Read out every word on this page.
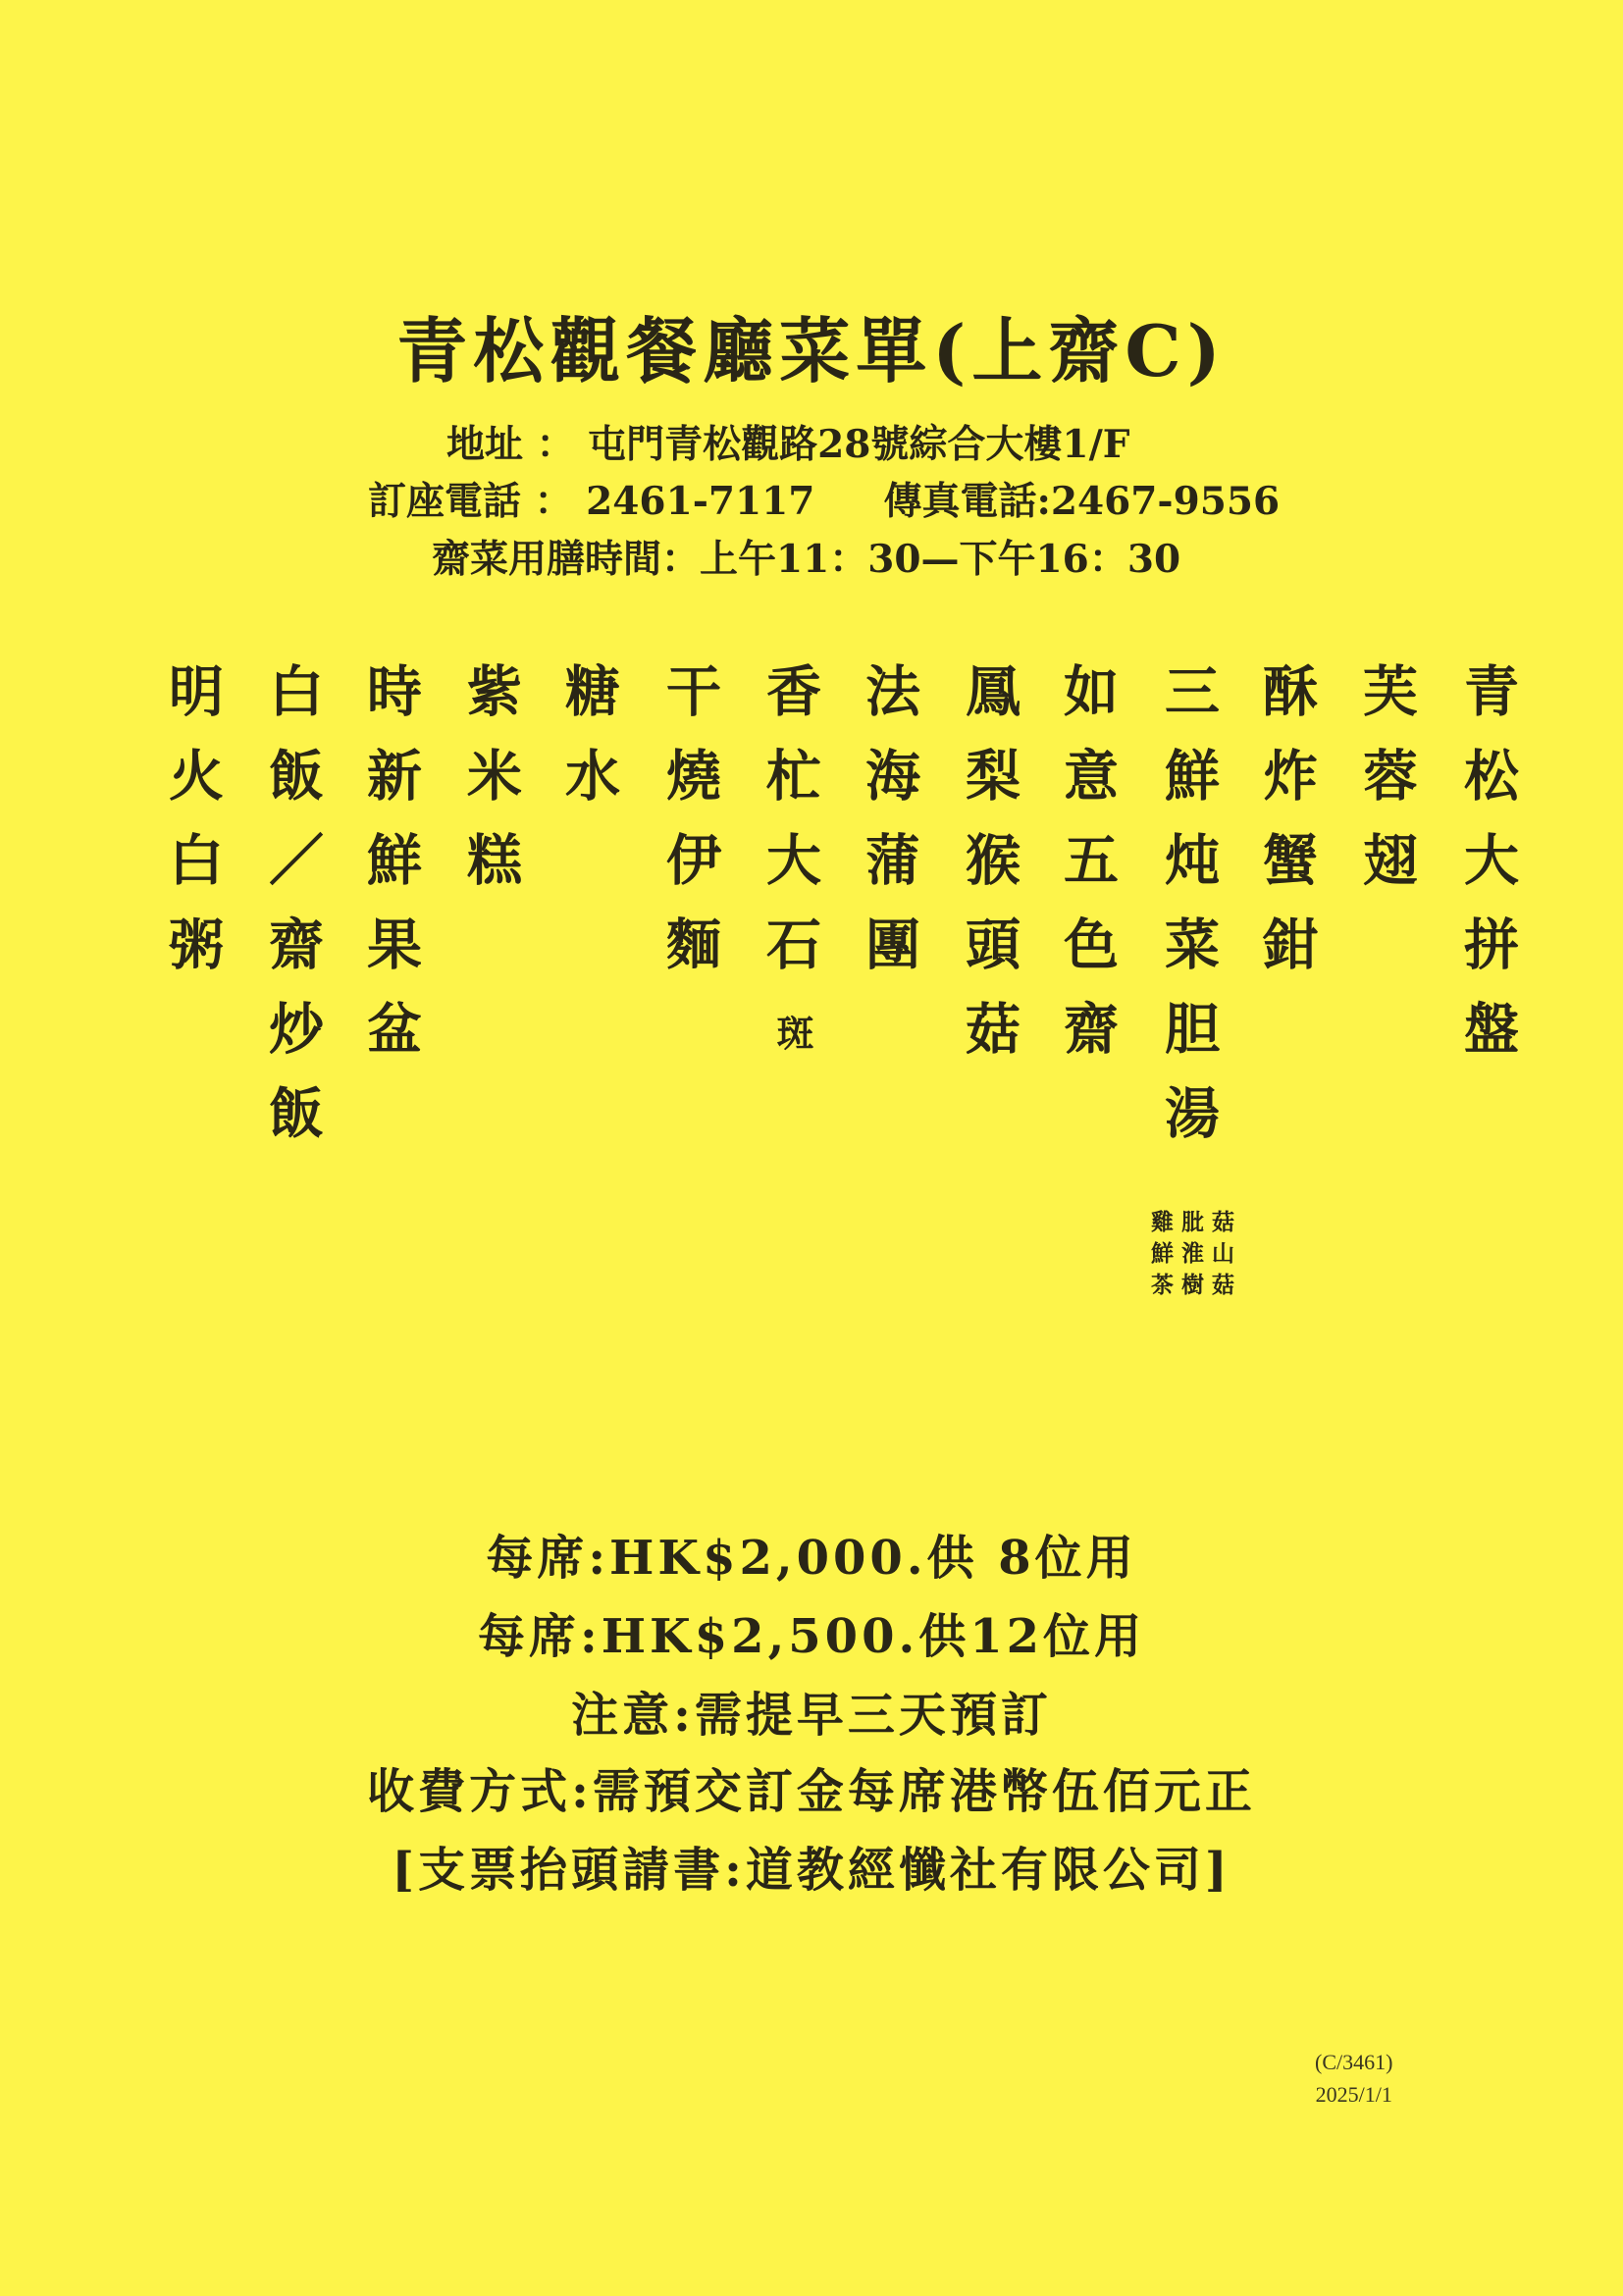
青松觀餐廳菜單(上齋C)
地址 ： 屯門青松觀路28號綜合大樓1/F
訂座電話 ： 2461-7117 傳真電話:2467-9556
齋菜用膳時間：上午11：30—下午16：30
青松大拼盤
芙蓉翅
酥炸蟹鉗
三鮮炖菜胆湯
如意五色齋
鳳梨猴頭菇
法海蒲團
香杧大石
斑
干燒伊麵
糖水
紫米糕
時新鮮果盆
白飯／齋炒飯
明火白粥
雞肶菇
鮮淮山
茶樹菇
每席:HK$2,000.供 8位用
每席:HK$2,500.供12位用
注意:需提早三天預訂
收費方式:需預交訂金每席港幣伍佰元正
[支票抬頭請書:道教經懺社有限公司]
(C/3461)
2025/1/1
